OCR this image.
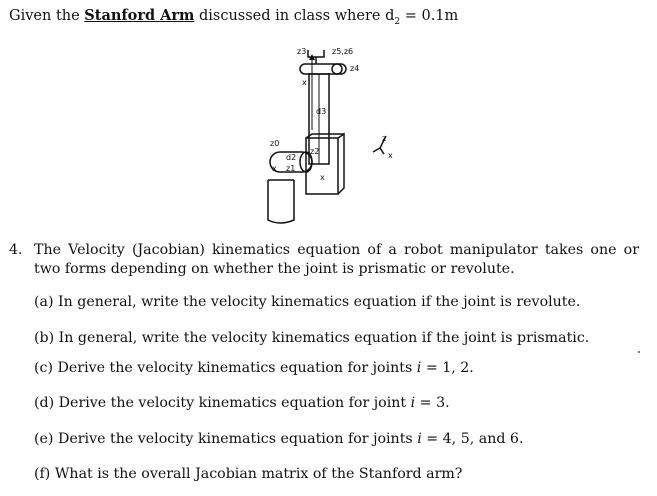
Given the Stanford Arm discussed in class where $d_2 = 0.1m$
z3	z5,z6
z4
x
d3
z0
d2
z1
z2
x
x
x
z
4. The Velocity (Jacobian) kinematics equation of a robot manipulator takes one or two forms depending on whether the joint is prismatic or revolute.
(a) In general, write the velocity kinematics equation if the joint is revolute.
(b) In general, write the velocity kinematics equation if the joint is prismatic.
(c) Derive the velocity kinematics equation for joints i = 1, 2.
(d) Derive the velocity kinematics equation for joint i = 3.
(e) Derive the velocity kinematics equation for joints i = 4, 5, and 6.
(f) What is the overall Jacobian matrix of the Stanford arm?
